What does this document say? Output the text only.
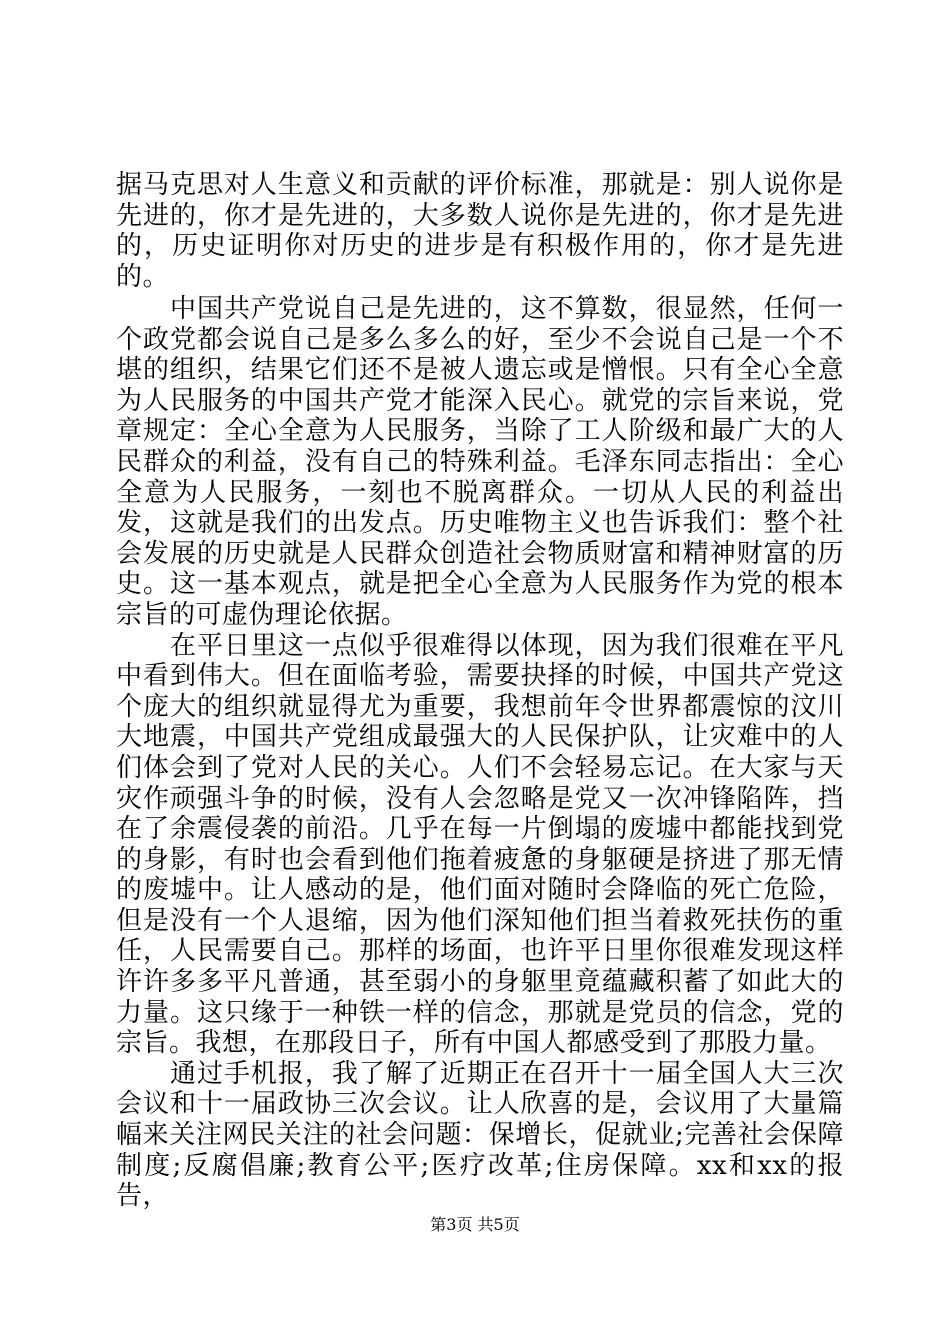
据马克思对人生意义和贡献的评价标准，那就是：别人说你是先进的，你才是先进的，大多数人说你是先进的，你才是先进的，历史证明你对历史的进步是有积极作用的，你才是先进的。

中国共产党说自己是先进的，这不算数，很显然，任何一个政党都会说自己是多么多么的好，至少不会说自己是一个不堪的组织，结果它们还不是被人遗忘或是憎恨。只有全心全意为人民服务的中国共产党才能深入民心。就党的宗旨来说，党章规定：全心全意为人民服务，当除了工人阶级和最广大的人民群众的利益，没有自己的特殊利益。毛泽东同志指出：全心全意为人民服务，一刻也不脱离群众。一切从人民的利益出发，这就是我们的出发点。历史唯物主义也告诉我们：整个社会发展的历史就是人民群众创造社会物质财富和精神财富的历史。这一基本观点，就是把全心全意为人民服务作为党的根本宗旨的可虚伪理论依据。

在平日里这一点似乎很难得以体现，因为我们很难在平凡中看到伟大。但在面临考验，需要抉择的时候，中国共产党这个庞大的组织就显得尤为重要，我想前年令世界都震惊的汶川大地震，中国共产党组成最强大的人民保护队，让灾难中的人们体会到了党对人民的关心。人们不会轻易忘记。在大家与天灾作顽强斗争的时候，没有人会忽略是党又一次冲锋陷阵，挡在了余震侵袭的前沿。几乎在每一片倒塌的废墟中都能找到党的身影，有时也会看到他们拖着疲惫的身躯硬是挤进了那无情的废墟中。让人感动的是，他们面对随时会降临的死亡危险，但是没有一个人退缩，因为他们深知他们担当着救死扶伤的重任，人民需要自己。那样的场面，也许平日里你很难发现这样许许多多平凡普通，甚至弱小的身躯里竟蕴藏积蓄了如此大的力量。这只缘于一种铁一样的信念，那就是党员的信念，党的宗旨。我想，在那段日子，所有中国人都感受到了那股力量。

通过手机报，我了解了近期正在召开十一届全国人大三次会议和十一届政协三次会议。让人欣喜的是，会议用了大量篇幅来关注网民关注的社会问题：保增长，促就业;完善社会保障制度;反腐倡廉;教育公平;医疗改革;住房保障。xx和xx的报告，

第3页 共5页
